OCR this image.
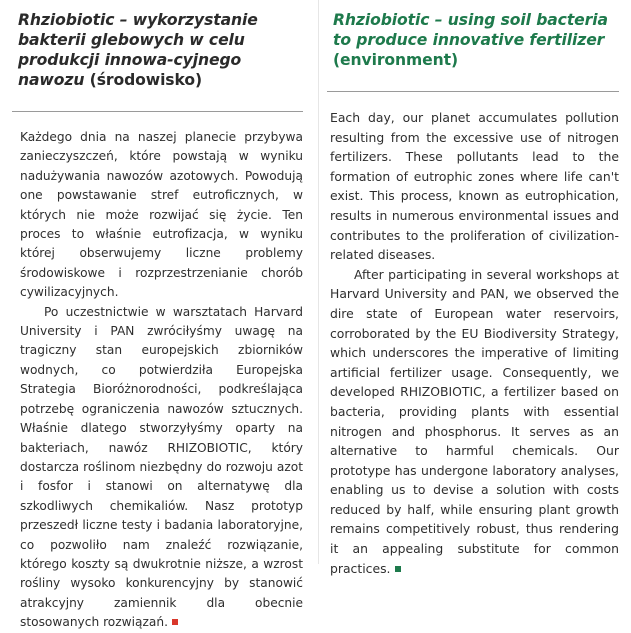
Rhziobiotic – wykorzystanie bakterii glebowych w celu produkcji innowa-cyjnego nawozu (środowisko)

Każdego dnia na naszej planecie przybywa zanieczyszczeń, które powstają w wyniku nadużywania nawozów azotowych. Powodują one powstawanie stref eutroficznych, w których nie może rozwijać się życie. Ten proces to właśnie eutrofizacja, w wyniku której obserwujemy liczne problemy środowiskowe i rozprzestrzenianie chorób cywilizacyjnych.

Po uczestnictwie w warsztatach Harvard University i PAN zwróciłyśmy uwagę na tragiczny stan europejskich zbiorników wodnych, co potwierdziła Europejska Strategia Bioróżnorodności, podkreślająca potrzebę ograniczenia nawozów sztucznych. Właśnie dlatego stworzyłyśmy oparty na bakteriach, nawóz RHIZOBIOTIC, który dostarcza roślinom niezbędny do rozwoju azot i fosfor i stanowi on alternatywę dla szkodliwych chemikaliów. Nasz prototyp przeszedł liczne testy i badania laboratoryjne, co pozwoliło nam znaleźć rozwiązanie, którego koszty są dwukrotnie niższe, a wzrost rośliny wysoko konkurencyjny by stanowić atrakcyjny zamiennik dla obecnie stosowanych rozwiązań.

Rhziobiotic – using soil bacteria to produce innovative fertilizer (environment)

Each day, our planet accumulates pollution resulting from the excessive use of nitrogen fertilizers. These pollutants lead to the formation of eutrophic zones where life can't exist. This process, known as eutrophication, results in numerous environmental issues and contributes to the proliferation of civilization-related diseases.

After participating in several workshops at Harvard University and PAN, we observed the dire state of European water reservoirs, corroborated by the EU Biodiversity Strategy, which underscores the imperative of limiting artificial fertilizer usage. Consequently, we developed RHIZOBIOTIC, a fertilizer based on bacteria, providing plants with essential nitrogen and phosphorus. It serves as an alternative to harmful chemicals. Our prototype has undergone laboratory analyses, enabling us to devise a solution with costs reduced by half, while ensuring plant growth remains competitively robust, thus rendering it an appealing substitute for common practices.
